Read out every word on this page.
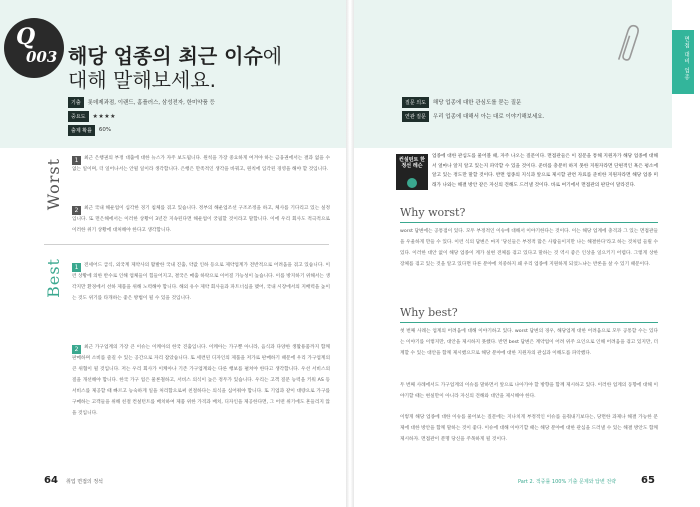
Q
003 해당 업종의 최근 이슈에
대해 말해보세요.
기출	롯데제과점, 이랜드, 홈플러스, 삼성전자, 한미약품 등
중요도	★★★★
출제 확률	60%
질문 의도	해당 업종에 대한 관심도를 묻는 질문
연관 질문	우리 업종에 대해서 아는 대로 이야기해보세요.
면접 대비 업종
Worst
Best
1	최근 은행권의 부정 대출에 대한 뉴스가 자주 보도됩니다. 원칙을 가장 중요하게 여겨야 하는 금융권에서는 결과 없을 수 없는 일이며, 더 일어나서는 안될 일이라 생각합니다. 은행은 만족적인 생각을 바꿔고, 원칙에 입각된 경영을 해야 할 것입니다.
2	최근 국내 해운업이 심각한 경기 침체를 겪고 있습니다. 정부의 해운업조선 구조조정을 하고, 체사를 기다리고 있는 실정입니다. 또 먼은해에서는 이러한 상황이 3년간 지속된다면 해운업이 궁핍할 것이라고 말합니다. 이에 우리 회사도 적극적으로 이러한 위기 상황에 대처해야 한다고 생각합니다.
1	전세어드 급식, 외국계 제약사의 활발한 국내 진출, 약값 인하 등으로 제약업계가 전반적으로 어려움을 겪고 있습니다. 이런 상황에 의한 반수로 인해 업체들이 힘들어지고, 결국은 매출 하락으로 이어질 가능성이 높습니다. 이를 방지하기 위해서는 생각지만 환경에서 선하 제품을 위해 노력해야 합니다. 해외 유수 제약 회사들과 파트너십을 맺어, 국내 시장에서의 지배력을 높이는 것도 위기를 타개하는 좋은 방법이 될 수 있을 것입니다.
2	최근 가구업계의 가장 큰 이슈는 이케아의 한국 진출입니다. 이케아는 가구뿐 아니라, 음식과 다양한 생활용품까지 함께 판매하며 소비를 즐길 수 있는 공간으로 자리 잡았습니다. 또 세련된 디자인의 제품을 저가로 판매하기 때문에 우리 가구업계의 큰 위협이 될 것입니다. 저는 우리 회사가 이케아나 기존 가구업계와는 다른 행보를 펼쳐야 한다고 생각합니다. 우선 서비스의 질을 개선해야 합니다. 한국 가구 업은 물론철하고, 서비스 의식이 높은 정두가 있습니다. 우리는 고객 질문 능력을 키워 AS 등 서비스를 제공할 때 빠르고 능숙하게 일을 처리함으로써 친절하다는 의식을 심어줘야 합니다. 또 기업과 같이 대량으로 가구를 구매하는 고객들을 위해 친절 컨설턴트를 배치하여 제품 위한 가격과 배치, 디자인을 제공한다면, 그 어떤 위기에도 흔들리지 않을 것입니다.
64 취업 면접의 정석
컨설턴트 한정선 레슨
업종에 대한 관심도를 물어볼 때, 자주 나오는 질문이다. 면접관들은 이 질문을 통해 지원자가 해당 업종에 대해서 얼마나 알지 알고 있는지 파악할 수 있을 것이다. 준비를 충분히 하지 못한 지원자라면 단편적인 혹은 평소에 알고 있는 정도만 말할 것이다. 반면 업종의 지식과 앞으로 제시할 관련 자료를 준비한 지원자라면 해당 업종 미래가 나와는 해결 방안 같은 자신의 견해도 드러낼 것이다. 바로 여기에서 면접관의 판단이 달라진다.
Why worst?
worst 답변에는 공통점이 있다. 모두 부정적인 이슈에 대해서 이야기한다는 것이다. 이는 해당 업계에 충격과 그 있는 면접관들을 우울하게 만들 수 있다. 이런 식의 답변은 마지 '당신들은 부정적 많은 사람들이지만 나는 해결한다'라고 하는 것처럼 들릴 수 있다. 이러한 대안 없이 해당 업종이 계가 실현 전체를 겪고 있다고 말하는 것 역시 좋은 인상을 일으키기 어렵다. 그렇게 상한 장체를 겪고 있는 것을 알고 있다면 다른 분야에 치중하지 왜 우리 업종에 지원하게 되었느냐는 반론을 살 수 있기 때문이다.
Why best?
첫 번째 사례는 업계의 어려움에 대해 이야기하고 있다. worst 답변의 경우, 해당업계 대한 어려움으로 모두 공통할 수는 있다는 이야기를 이렇지만, 대안을 제시하지 못했다. 반면 best 답변은 계약업이 어려 위주 요인으로 인해 어려움을 겪고 있지만, 더 계할 수 있는 대안을 함께 제시했으므로 해당 분야에 대한 지원자의 관심과 이해도를 파악했다.
두 번째 사례에서도 가구업계의 이슈를 말하면서 앞으로 나아가야 할 방향을 함께 제시하고 있다. 이러한 업계의 동향에 대해 이야기할 때는 현실만이 아니라 자신의 견해와 대안을 제시해야 한다.
이렇게 해당 업종에 대한 이슈를 물어보는 질문에는 지나치게 부정적인 이슈를 들춰내기보다는, 당면한 과제나 해결 가능한 문제에 대한 방안을 함께 말하는 것이 좋다. 이슈에 대해 이야기할 때는 해당 분야에 대한 관심을 드러낼 수 있는 해결 방안도 함께 제시하자. 면접관이 분명 당신을 주목하게 될 것이다.
Part 2. 적중률 100% 기출 문제와 답변 전략 65
